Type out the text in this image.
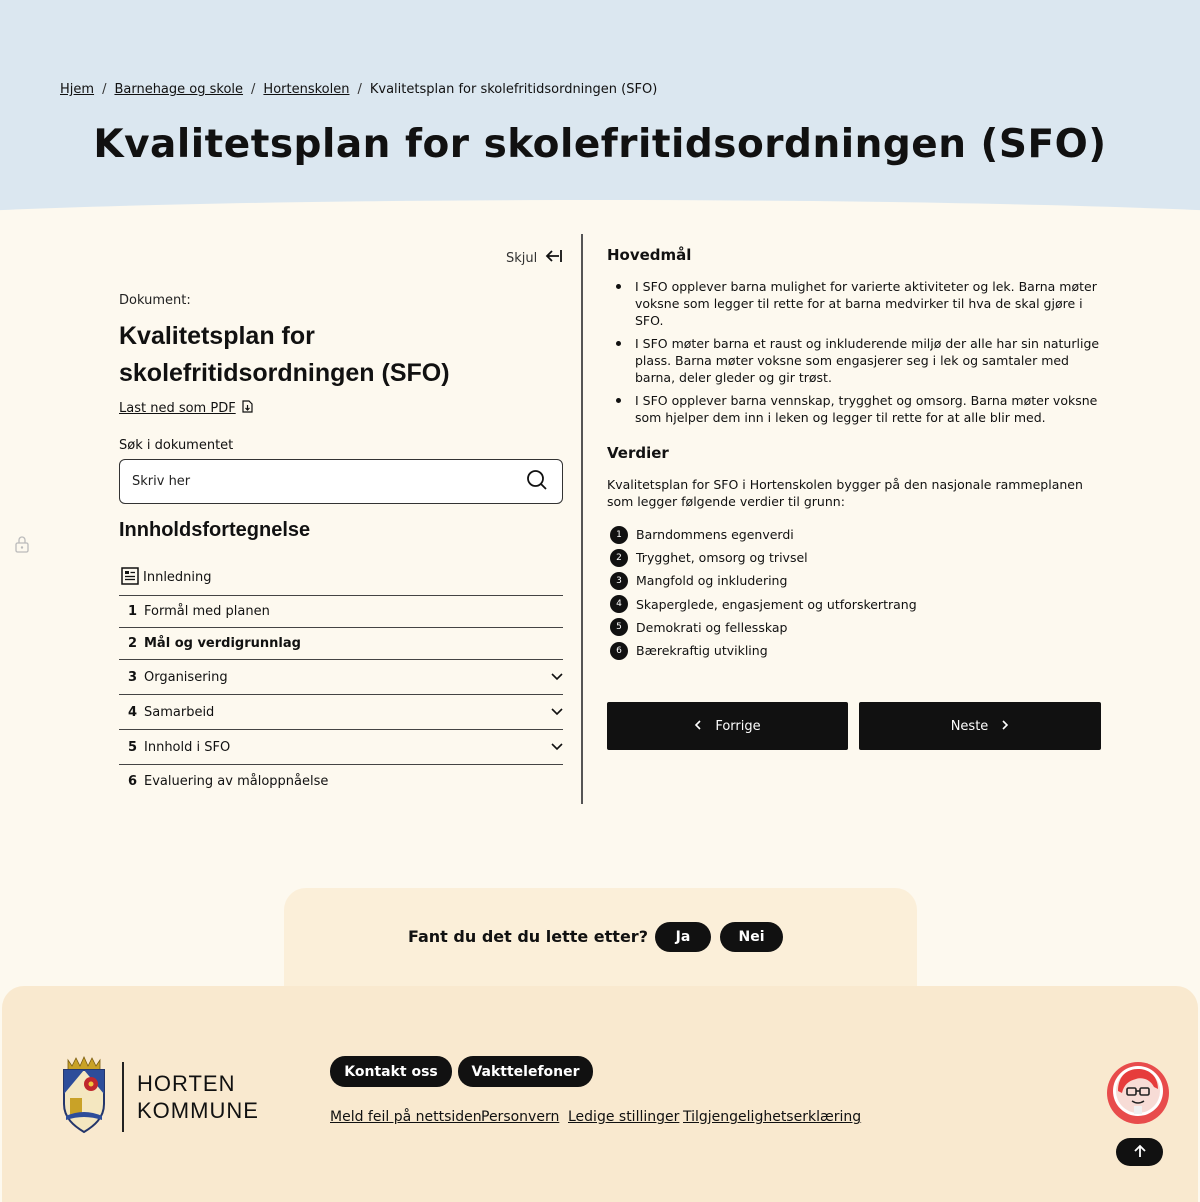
Hjem / Barnehage og skole / Hortenskolen / Kvalitetsplan for skolefritidsordningen (SFO)
Kvalitetsplan for skolefritidsordningen (SFO)
Skjul
Dokument:
Kvalitetsplan for skolefritidsordningen (SFO)
Last ned som PDF
Søk i dokumentet
Skriv her
Innholdsfortegnelse
Innledning
1 Formål med planen
2 Mål og verdigrunnlag
3 Organisering
4 Samarbeid
5 Innhold i SFO
6 Evaluering av måloppnåelse
Hovedmål
I SFO opplever barna mulighet for varierte aktiviteter og lek. Barna møter voksne som legger til rette for at barna medvirker til hva de skal gjøre i SFO.
I SFO møter barna et raust og inkluderende miljø der alle har sin naturlige plass. Barna møter voksne som engasjerer seg i lek og samtaler med barna, deler gleder og gir trøst.
I SFO opplever barna vennskap, trygghet og omsorg. Barna møter voksne som hjelper dem inn i leken og legger til rette for at alle blir med.
Verdier

Kvalitetsplan for SFO i Hortenskolen bygger på den nasjonale rammeplanen som legger følgende verdier til grunn:

1	Barndommens egenverdi
2	Trygghet, omsorg og trivsel
3	Mangfold og inkludering
4	Skaperglede, engasjement og utforskertrang
5	Demokrati og fellesskap
6	Bærekraftig utvikling
Forrige	Neste
Fant du det du lette etter?	Ja	Nei
HORTEN
KOMMUNE
Kontakt oss	Vakttelefoner
Meld feil på nettsiden Personvern Ledige stillinger Tilgjengelighetserklæring
